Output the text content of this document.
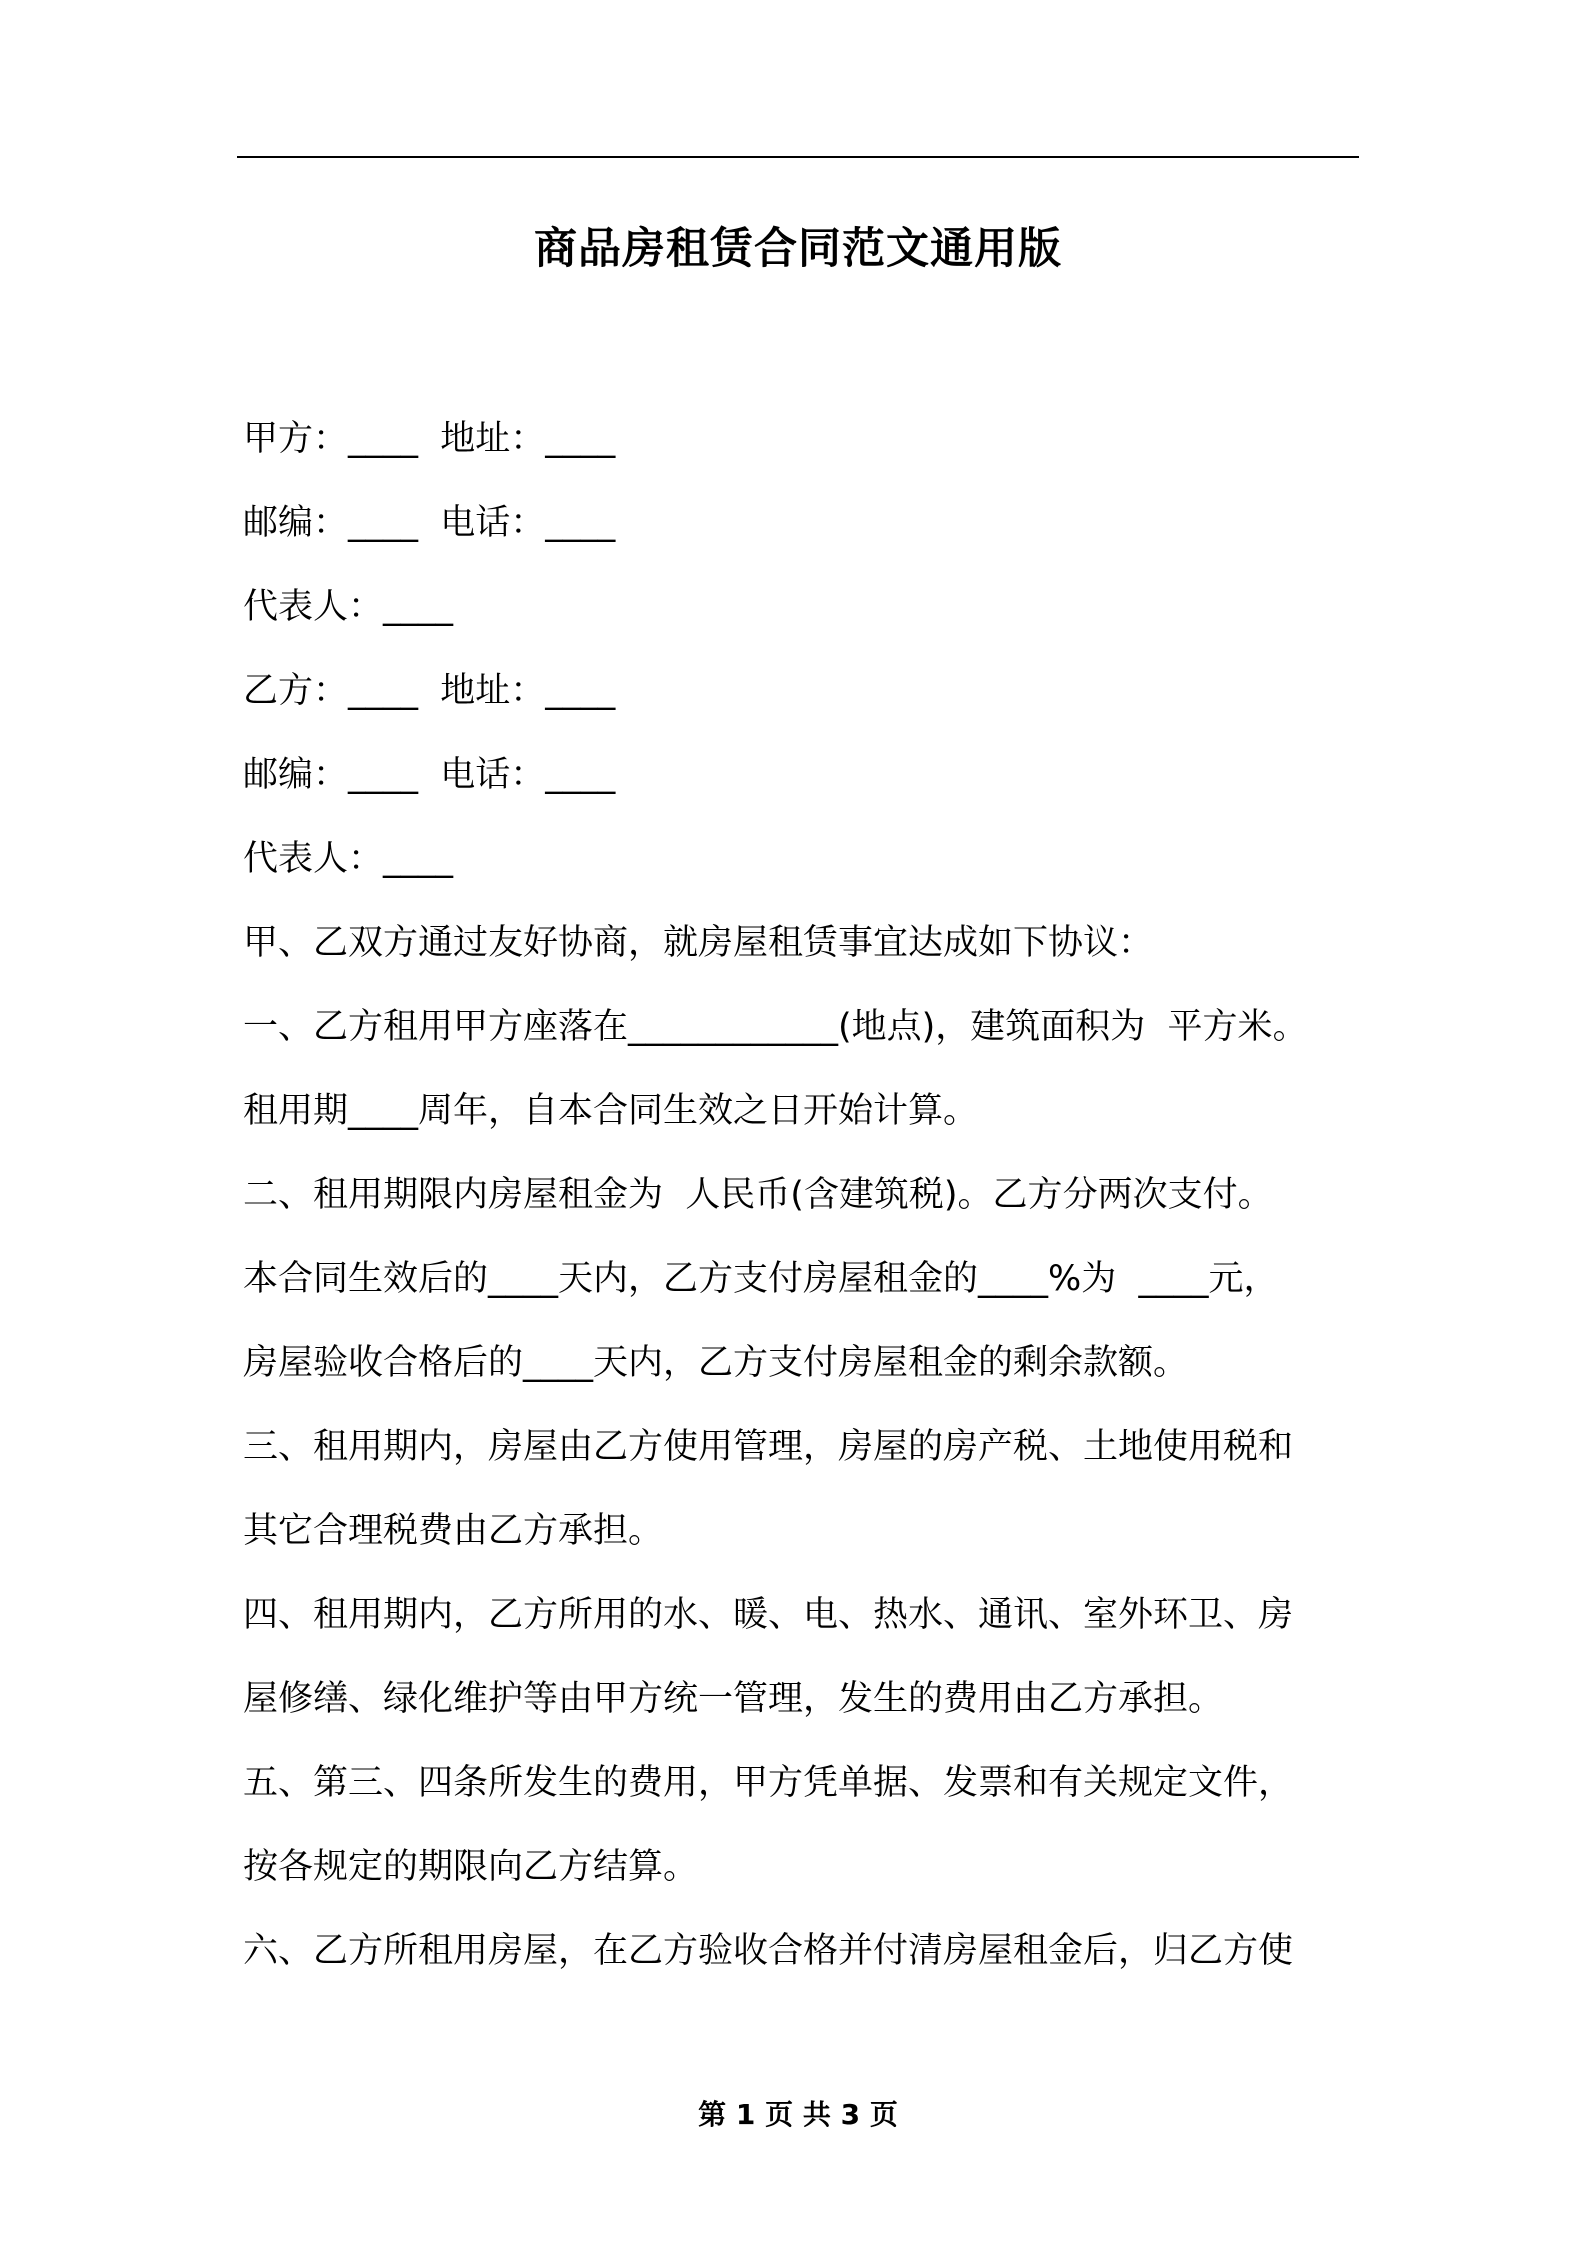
商品房租赁合同范文通用版
甲方：____  地址：____
邮编：____  电话：____
代表人：____
乙方：____  地址：____
邮编：____  电话：____
代表人：____
甲、乙双方通过友好协商，就房屋租赁事宜达成如下协议：
一、乙方租用甲方座落在____________(地点)，建筑面积为  平方米。
租用期____周年，自本合同生效之日开始计算。
二、租用期限内房屋租金为  人民币(含建筑税)。乙方分两次支付。
本合同生效后的____天内，乙方支付房屋租金的____%为  ____元，
房屋验收合格后的____天内，乙方支付房屋租金的剩余款额。
三、租用期内，房屋由乙方使用管理，房屋的房产税、土地使用税和
其它合理税费由乙方承担。
四、租用期内，乙方所用的水、暖、电、热水、通讯、室外环卫、房
屋修缮、绿化维护等由甲方统一管理，发生的费用由乙方承担。
五、第三、四条所发生的费用，甲方凭单据、发票和有关规定文件，
按各规定的期限向乙方结算。
六、乙方所租用房屋，在乙方验收合格并付清房屋租金后，归乙方使
第 1 页 共 3 页
